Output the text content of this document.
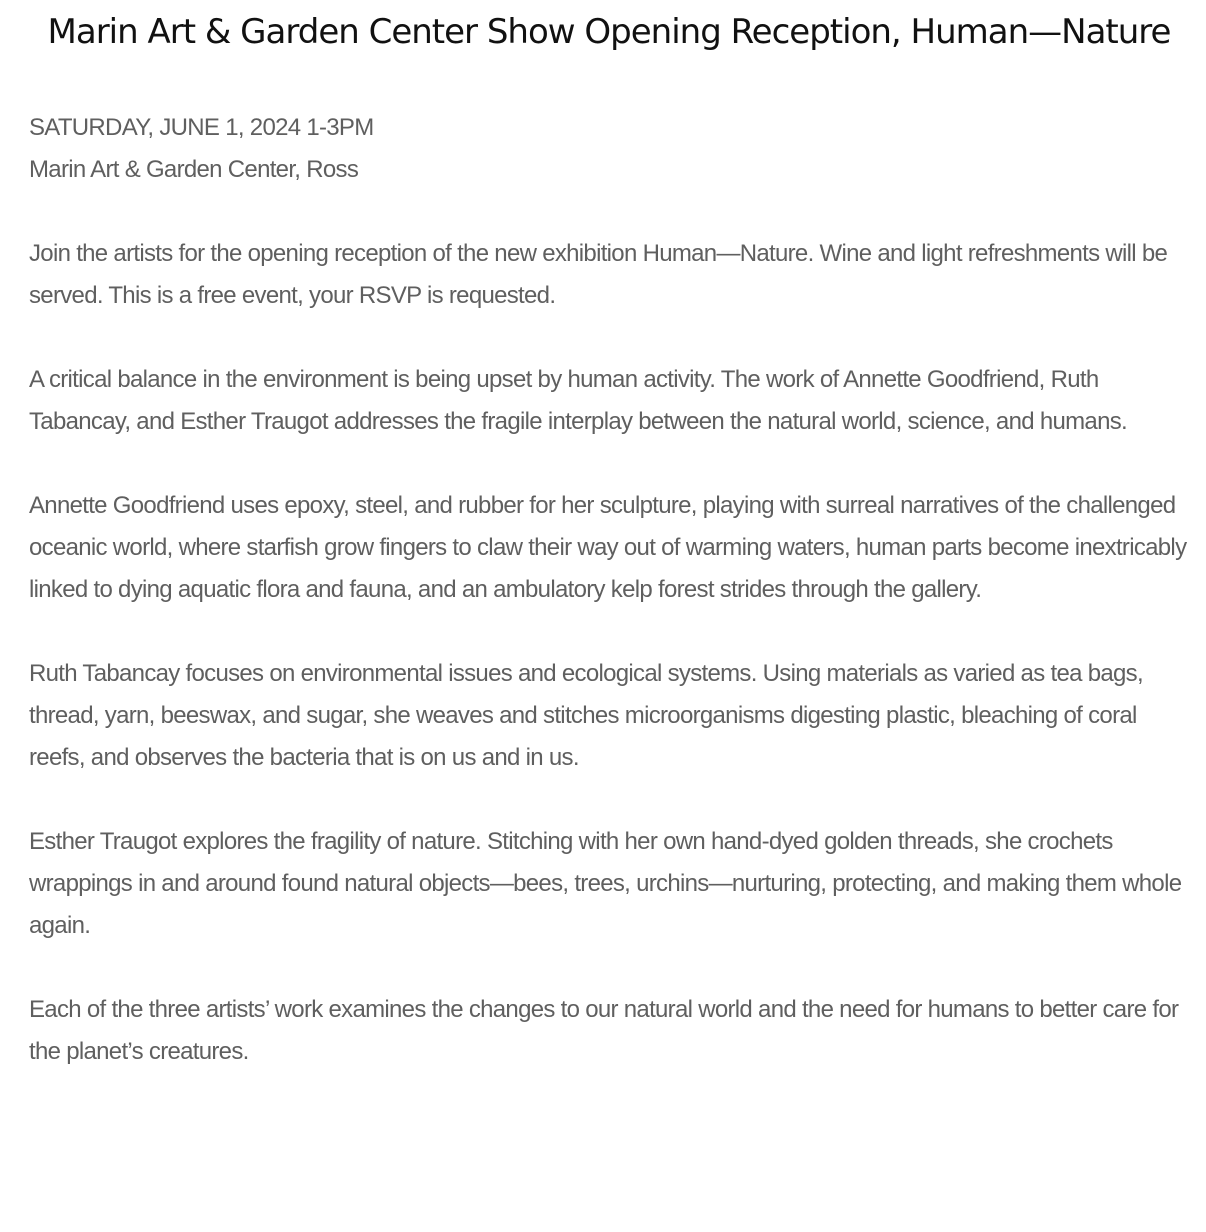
Marin Art & Garden Center Show Opening Reception, Human—Nature
SATURDAY, JUNE 1, 2024 1-3PM
Marin Art & Garden Center, Ross

Join the artists for the opening reception of the new exhibition Human—Nature. Wine and light refreshments will be served. This is a free event, your RSVP is requested.

A critical balance in the environment is being upset by human activity. The work of Annette Goodfriend, Ruth Tabancay, and Esther Traugot addresses the fragile interplay between the natural world, science, and humans.

Annette Goodfriend uses epoxy, steel, and rubber for her sculpture, playing with surreal narratives of the challenged oceanic world, where starfish grow fingers to claw their way out of warming waters, human parts become inextricably linked to dying aquatic flora and fauna, and an ambulatory kelp forest strides through the gallery.

Ruth Tabancay focuses on environmental issues and ecological systems. Using materials as varied as tea bags, thread, yarn, beeswax, and sugar, she weaves and stitches microorganisms digesting plastic, bleaching of coral reefs, and observes the bacteria that is on us and in us.

Esther Traugot explores the fragility of nature. Stitching with her own hand-dyed golden threads, she crochets wrappings in and around found natural objects—bees, trees, urchins—nurturing, protecting, and making them whole again.

Each of the three artists’ work examines the changes to our natural world and the need for humans to better care for the planet’s creatures.
